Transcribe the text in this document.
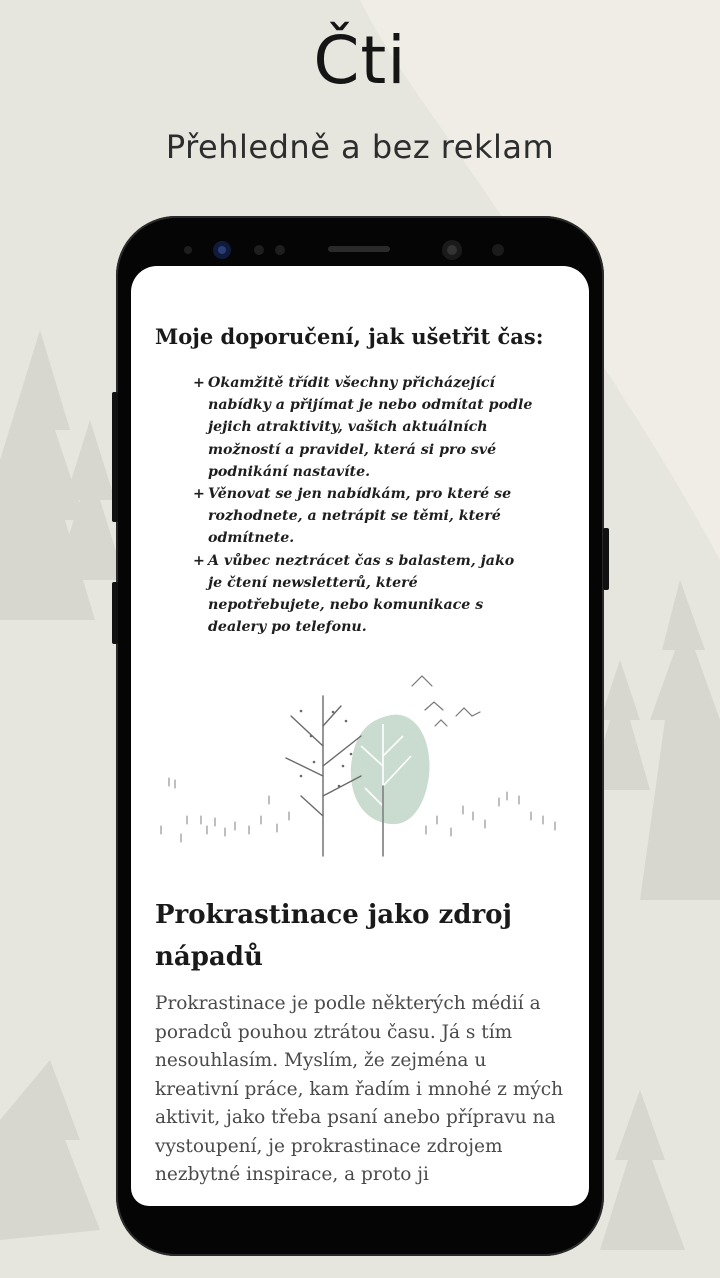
Čti
Přehledně a bez reklam
Moje doporučení, jak ušetřit čas:
+ Okamžitě třídit všechny přicházející nabídky a přijímat je nebo odmítat podle jejich atraktivity, vašich aktuálních možností a pravidel, která si pro své podnikání nastavíte.
+ Věnovat se jen nabídkám, pro které se rozhodnete, a netrápit se těmi, které odmítnete.
+ A vůbec neztrácet čas s balastem, jako je čtení newsletterů, které nepotřebujete, nebo komunikace s dealery po telefonu.
Prokrastinace jako zdroj nápadů
Prokrastinace je podle některých médií a poradců pouhou ztrátou času. Já s tím nesouhlasím. Myslím, že zejména u kreativní práce, kam řadím i mnohé z mých aktivit, jako třeba psaní anebo přípravu na vystoupení, je prokrastinace zdrojem nezbytné inspirace, a proto ji
